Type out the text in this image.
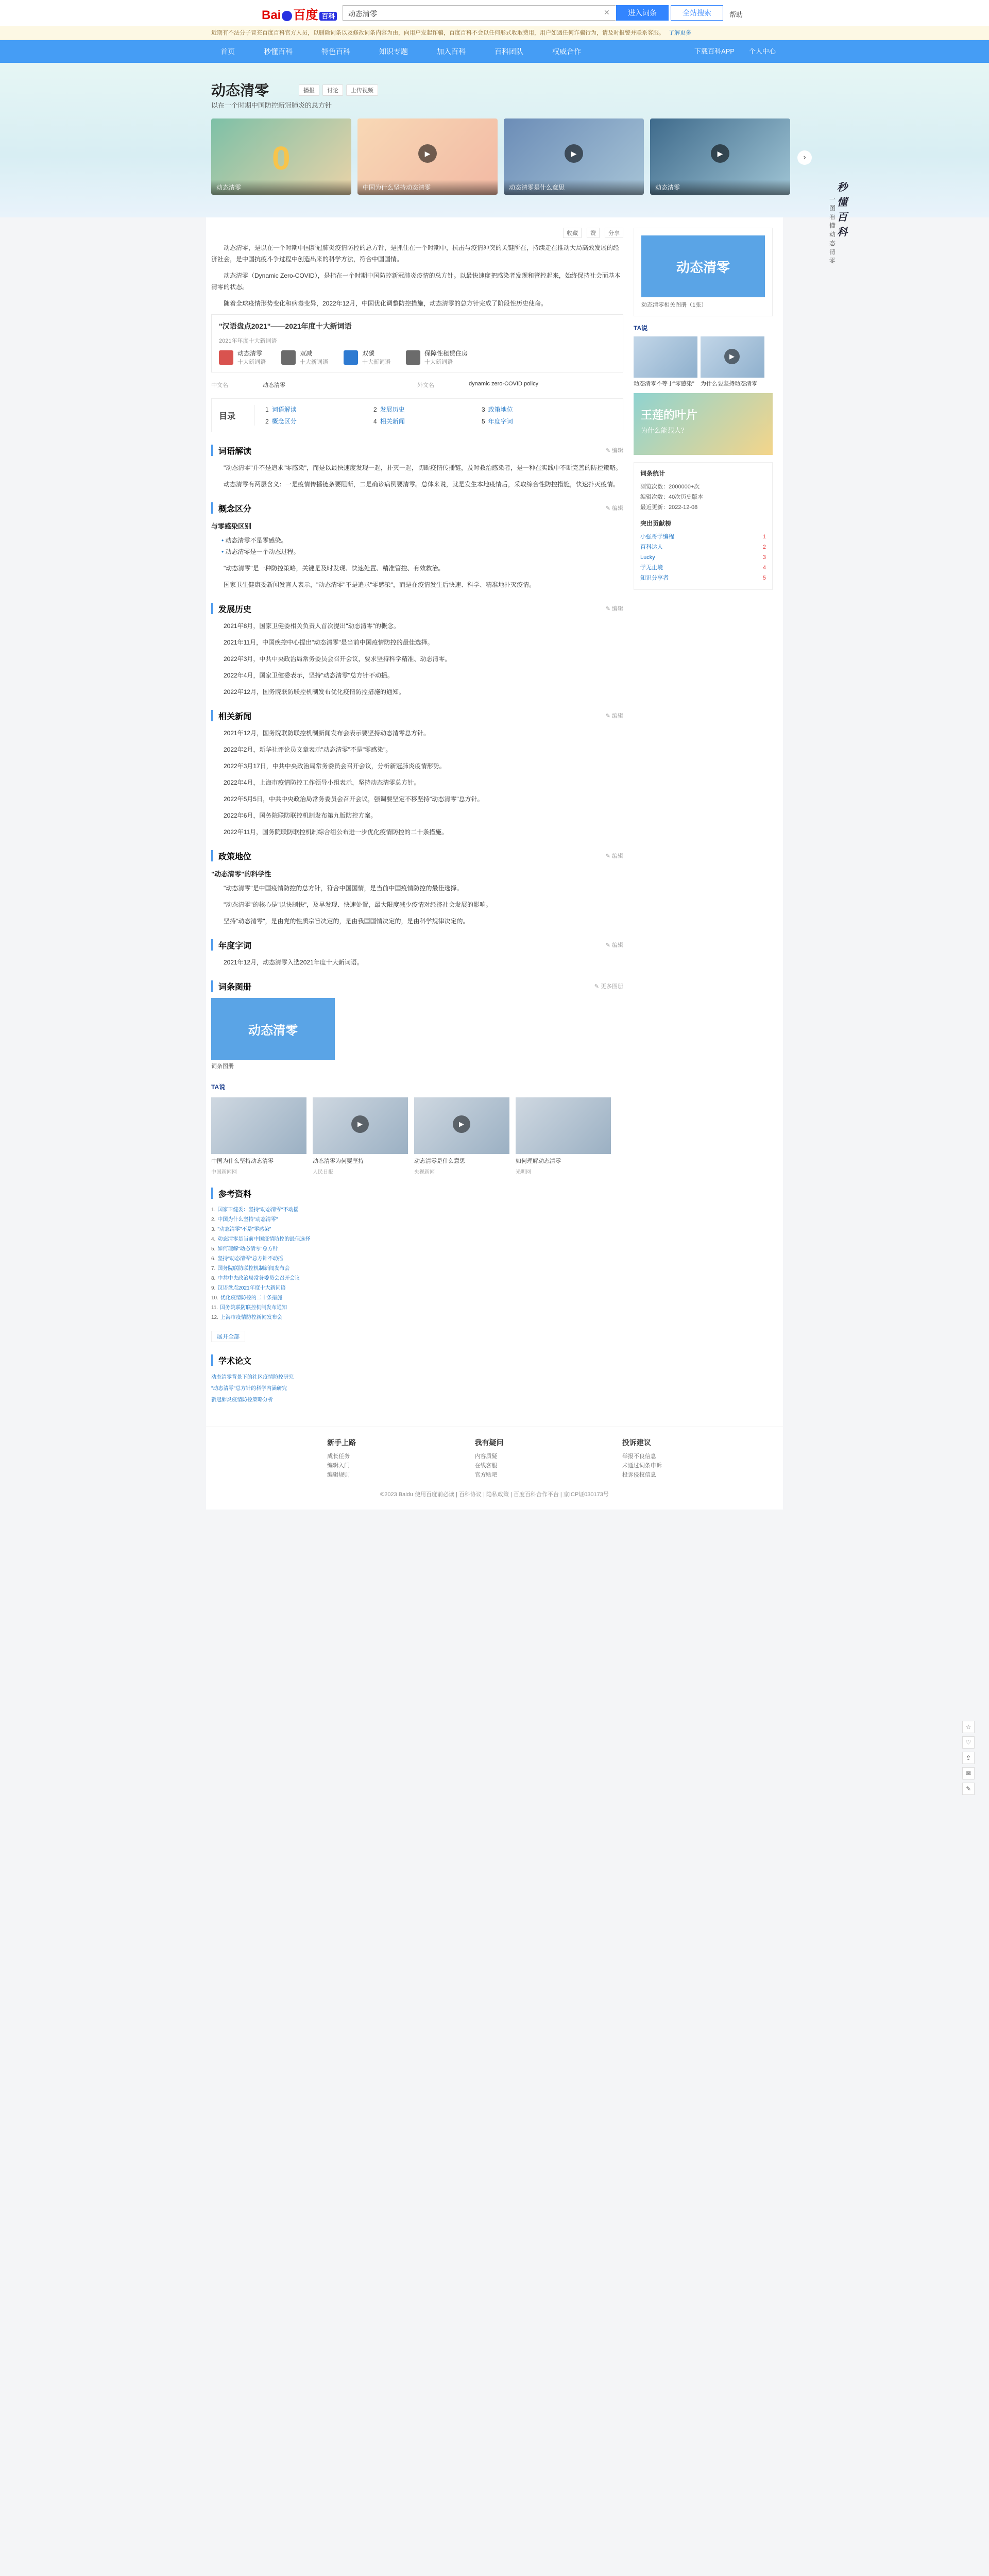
Bai 百度 百科	动态清零	✕	进入词条	全站搜索	帮助
近期有不法分子冒充百度百科官方人员，以删除词条以及修改词条内容为由，向用户发起诈骗，百度百科不会以任何形式收取费用，用户如遇任何诈骗行为，请及时报警并联系客服。 了解更多
首页	秒懂百科	特色百科	知识专题	加入百科	百科团队	权威合作	下载百科APP	个人中心
动态清零	播报	讨论	上传视频
以在一个时期中国防控新冠肺炎的总方针
0
动态清零
▶
中国为什么坚持动态清零
▶
动态清零是什么意思
▶
动态清零
›
秒懂百科
一图看懂 动态清零
收藏	赞	分享

动态清零，是以在一个时期中国新冠肺炎疫情防控的总方针，是抓住在一个时期中，抗击与疫情冲突的关键所在，持续走在推动大局高效发展的经济社会，是中国抗疫斗争过程中创造出来的科学方法，符合中国国情。

动态清零（Dynamic Zero-COVID），是指在一个时期中国防控新冠肺炎疫情的总方针。以最快速度把感染者发现和管控起来，始终保持社会面基本清零的状态。

随着全球疫情形势变化和病毒变异，2022年12月，中国优化调整防控措施，动态清零的总方针完成了阶段性历史使命。

"汉语盘点2021"——2021年度十大新词语
2021年年度十大新词语
动态清零
十大新词语
双减
十大新词语
双碳
十大新词语
保障性租赁住房
十大新词语
中文名	动态清零	外文名	dynamic zero-COVID policy
目录
1 词语解读	2 发展历史	3 政策地位
2 概念区分	4 相关新闻	5 年度字词
词语解读	✎ 编辑

"动态清零"并不是追求"零感染"，而是以最快速度发现一起，扑灭一起，切断疫情传播链，及时救治感染者，是一种在实践中不断完善的防控策略。

动态清零有两层含义：一是疫情传播链条要阻断，二是确诊病例要清零。总体来说，就是发生本地疫情后，采取综合性防控措施，快速扑灭疫情。

概念区分	✎ 编辑
与零感染区别
• 动态清零不是零感染。
• 动态清零是一个动态过程。

"动态清零"是一种防控策略，关键是及时发现、快速处置、精准管控、有效救治。

国家卫生健康委新闻发言人表示，"动态清零"不是追求"零感染"，而是在疫情发生后快速、科学、精准地扑灭疫情。

发展历史	✎ 编辑

2021年8月，国家卫健委相关负责人首次提出"动态清零"的概念。

2021年11月，中国疾控中心提出"动态清零"是当前中国疫情防控的最佳选择。

2022年3月，中共中央政治局常务委员会召开会议，要求坚持科学精准、动态清零。

2022年4月，国家卫健委表示，坚持"动态清零"总方针不动摇。

2022年12月，国务院联防联控机制发布优化疫情防控措施的通知。

相关新闻	✎ 编辑

2021年12月，国务院联防联控机制新闻发布会表示要坚持动态清零总方针。

2022年2月，新华社评论员文章表示"动态清零"不是"零感染"。

2022年3月17日，中共中央政治局常务委员会召开会议，分析新冠肺炎疫情形势。

2022年4月，上海市疫情防控工作领导小组表示，坚持动态清零总方针。

2022年5月5日，中共中央政治局常务委员会召开会议，强调要坚定不移坚持"动态清零"总方针。

2022年6月，国务院联防联控机制发布第九版防控方案。

2022年11月，国务院联防联控机制综合组公布进一步优化疫情防控的二十条措施。

政策地位	✎ 编辑
"动态清零"的科学性

"动态清零"是中国疫情防控的总方针，符合中国国情，是当前中国疫情防控的最佳选择。

"动态清零"的核心是"以快制快"，及早发现、快速处置，最大限度减少疫情对经济社会发展的影响。

坚持"动态清零"，是由党的性质宗旨决定的，是由我国国情决定的，是由科学规律决定的。

年度字词	✎ 编辑

2021年12月，动态清零入选2021年度十大新词语。

词条图册	✎ 更多图册
动态清零
词条图册
TA说
中国为什么坚持动态清零
中国新闻网
▶
动态清零为何要坚持
人民日报
▶
动态清零是什么意思
央视新闻
如何理解动态清零
光明网
参考资料
1. 国家卫健委：坚持"动态清零"不动摇
2. 中国为什么坚持"动态清零"
3. "动态清零"不是"零感染"
4. 动态清零是当前中国疫情防控的最佳选择
5. 如何理解"动态清零"总方针
6. 坚持"动态清零"总方针不动摇
7. 国务院联防联控机制新闻发布会
8. 中共中央政治局常务委员会召开会议
9. 汉语盘点2021年度十大新词语
10. 优化疫情防控的二十条措施
11. 国务院联防联控机制发布通知
12. 上海市疫情防控新闻发布会
展开全部
学术论文
动态清零背景下的社区疫情防控研究
"动态清零"总方针的科学内涵研究
新冠肺炎疫情防控策略分析
动态清零
动态清零相关图册（1张）
TA说
动态清零不等于"零感染"
▶
为什么要坚持动态清零
王莲的叶片
为什么能载人？
词条统计
浏览次数：2000000+次
编辑次数：40次历史版本
最近更新：2022-12-08
突出贡献榜
小强哥学编程	1
百科达人	2
Lucky	3
学无止境	4
知识分享者	5
新手上路
成长任务
编辑入门
编辑规则
我有疑问
内容质疑
在线客服
官方贴吧
投诉建议
举报不良信息
未通过词条申诉
投诉侵权信息
©2023 Baidu 使用百度前必读 | 百科协议 | 隐私政策 | 百度百科合作平台 | 京ICP证030173号
☆
♡
⇪
✉
✎
